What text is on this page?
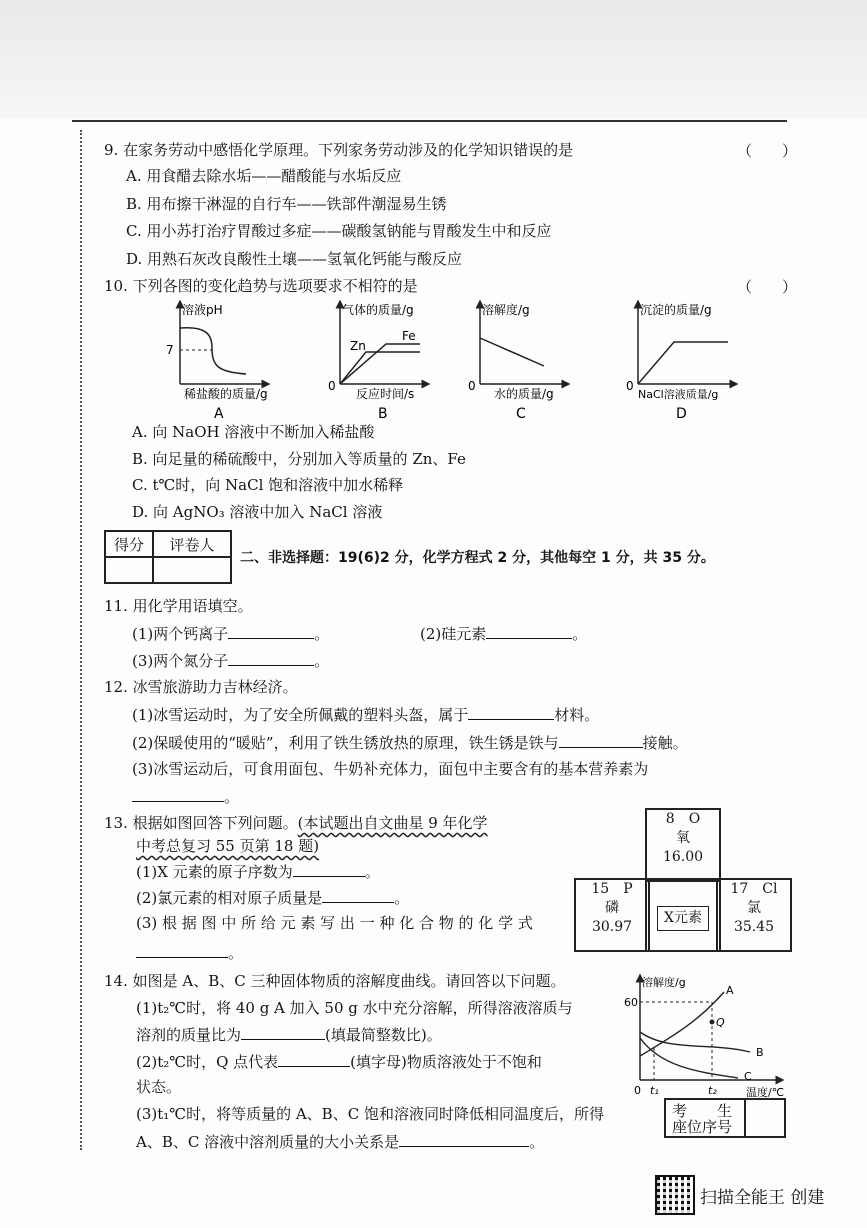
9. 在家务劳动中感悟化学原理。下列家务劳动涉及的化学知识错误的是	（　　）
A. 用食醋去除水垢——醋酸能与水垢反应
B. 用布擦干淋湿的自行车——铁部件潮湿易生锈
C. 用小苏打治疗胃酸过多症——碳酸氢钠能与胃酸发生中和反应
D. 用熟石灰改良酸性土壤——氢氧化钙能与酸反应
10. 下列各图的变化趋势与选项要求不相符的是	（　　）
溶液pH
7
稀盐酸的质量/g
A
气体的质量/g
Zn
Fe
0
反应时间/s
B
溶解度/g
0
水的质量/g
C
沉淀的质量/g
0
NaCl溶液质量/g
D
A. 向 NaOH 溶液中不断加入稀盐酸
B. 向足量的稀硫酸中，分别加入等质量的 Zn、Fe
C. t℃时，向 NaCl 饱和溶液中加水稀释
D. 向 AgNO₃ 溶液中加入 NaCl 溶液
得分	评卷人

二、非选择题：19(6)2 分，化学方程式 2 分，其他每空 1 分，共 35 分。
11. 用化学用语填空。
(1)两个钙离子	。	(2)硅元素	。
(3)两个氮分子	。
12. 冰雪旅游助力吉林经济。
(1)冰雪运动时，为了安全所佩戴的塑料头盔，属于	材料。
(2)保暖使用的“暖贴”，利用了铁生锈放热的原理，铁生锈是铁与	接触。
(3)冰雪运动后，可食用面包、牛奶补充体力，面包中主要含有的基本营养素为
。
13. 根据如图回答下列问题。(本试题出自文曲星 9 年化学
中考总复习 55 页第 18 题)
(1)X 元素的原子序数为	。
(2)氯元素的相对原子质量是	。
(3) 根 据 图 中 所 给 元 素 写 出 一 种 化 合 物 的 化 学 式
。
8　O
氧
16.00
15　P
磷
30.97
X元素
17　Cl
氯
35.45
14. 如图是 A、B、C 三种固体物质的溶解度曲线。请回答以下问题。
(1)t₂℃时，将 40 g A 加入 50 g 水中充分溶解，所得溶液溶质与
溶剂的质量比为	(填最简整数比)。
(2)t₂℃时，Q 点代表	(填字母)物质溶液处于不饱和
状态。
(3)t₁℃时，将等质量的 A、B、C 饱和溶液同时降低相同温度后，所得
A、B、C 溶液中溶剂质量的大小关系是	。
溶解度/g
60
A
Q
B
C
0 t₁	t₂	温度/℃
考　　生
座位序号

扫描全能王 创建
